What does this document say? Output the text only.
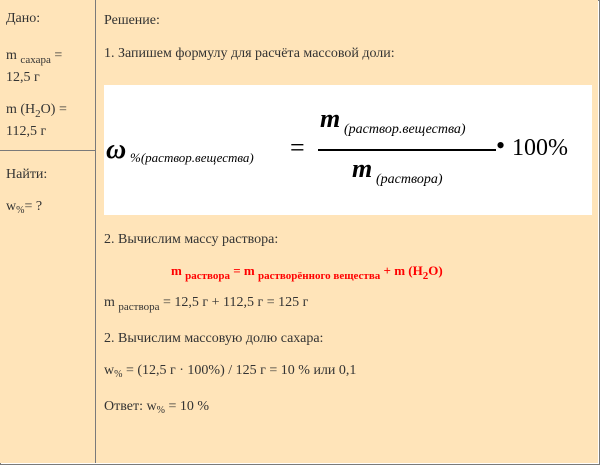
Дано:
m $_{сахара}$ =
12,5 г
m $(H_2O)$ =
112,5 г
Найти:
$w_{\%}=$ ?
Решение:
1. Запишем формулу для расчёта массовой доли:
ω %(раствор.вещества) =
m (раствор.вещества)
m (раствора)
• 100%
2. Вычислим массу раствора:
m $_{раствора}$ = m $_{растворённого вещества}$ + m $(H_2O)$
m $_{раствора}$ = 12,5 г + 112,5 г = 125 г
2. Вычислим массовую долю сахара:
$w_{\%} = (12,5$ г · 100%) / 125 г = 10 % или 0,1
Ответ: $w_{\%} = 10$ %
